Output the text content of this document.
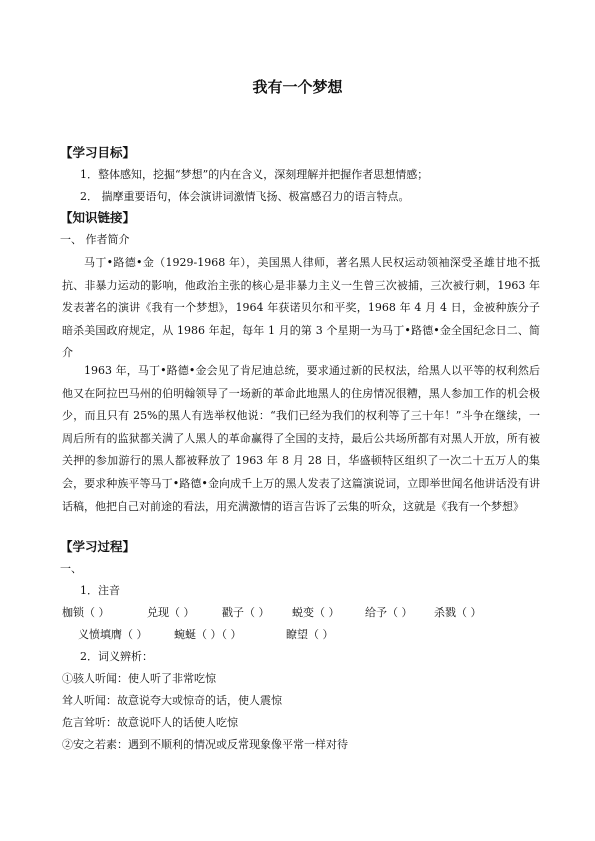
我有一个梦想
【学习目标】
1．整体感知，挖掘“梦想”的内在含义，深刻理解并把握作者思想情感；
2． 揣摩重要语句，体会演讲词激情飞扬、极富感召力的语言特点。
【知识链接】
一、 作者简介
马丁•路德•金（1929-1968 年），美国黑人律师，著名黑人民权运动领袖深受圣雄甘地不抵抗、非暴力运动的影响，他政治主张的核心是非暴力主义一生曾三次被捕，三次被行刺，1963 年发表著名的演讲《我有一个梦想》，1964 年获诺贝尔和平奖，1968 年 4 月 4 日，金被种族分子暗杀美国政府规定，从 1986 年起，每年 1 月的第 3 个星期一为马丁•路德•金全国纪念日二、简介
1963 年，马丁•路德•金会见了肯尼迪总统，要求通过新的民权法，给黑人以平等的权利然后他又在阿拉巴马州的伯明翰领导了一场新的革命此地黑人的住房情况很糟，黑人参加工作的机会极少，而且只有 25%的黑人有选举权他说：“我们已经为我们的权利等了三十年！”斗争在继续，一周后所有的监狱都关满了人黑人的革命赢得了全国的支持，最后公共场所都有对黑人开放，所有被关押的参加游行的黑人都被释放了 1963 年 8 月 28 日，华盛顿特区组织了一次二十五万人的集会，要求种族平等马丁•路德•金向成千上万的黑人发表了这篇演说词，立即举世闻名他讲话没有讲话稿，他把自己对前途的看法，用充满激情的语言告诉了云集的听众，这就是《我有一个梦想》
【学习过程】
一、
1．注音
枷锁（ ）	兑现（ ）	戳子（ ） 蜕变（ ） 给予（ ） 杀戮（ ）
义愤填膺（ ） 蜿蜒（ ）（ ）	瞭望（ ）
2．词义辨析：
①骇人听闻：使人听了非常吃惊
耸人听闻：故意说夸大或惊奇的话，使人震惊
危言耸听：故意说吓人的话使人吃惊
②安之若素：遇到不顺利的情况或反常现象像平常一样对待
